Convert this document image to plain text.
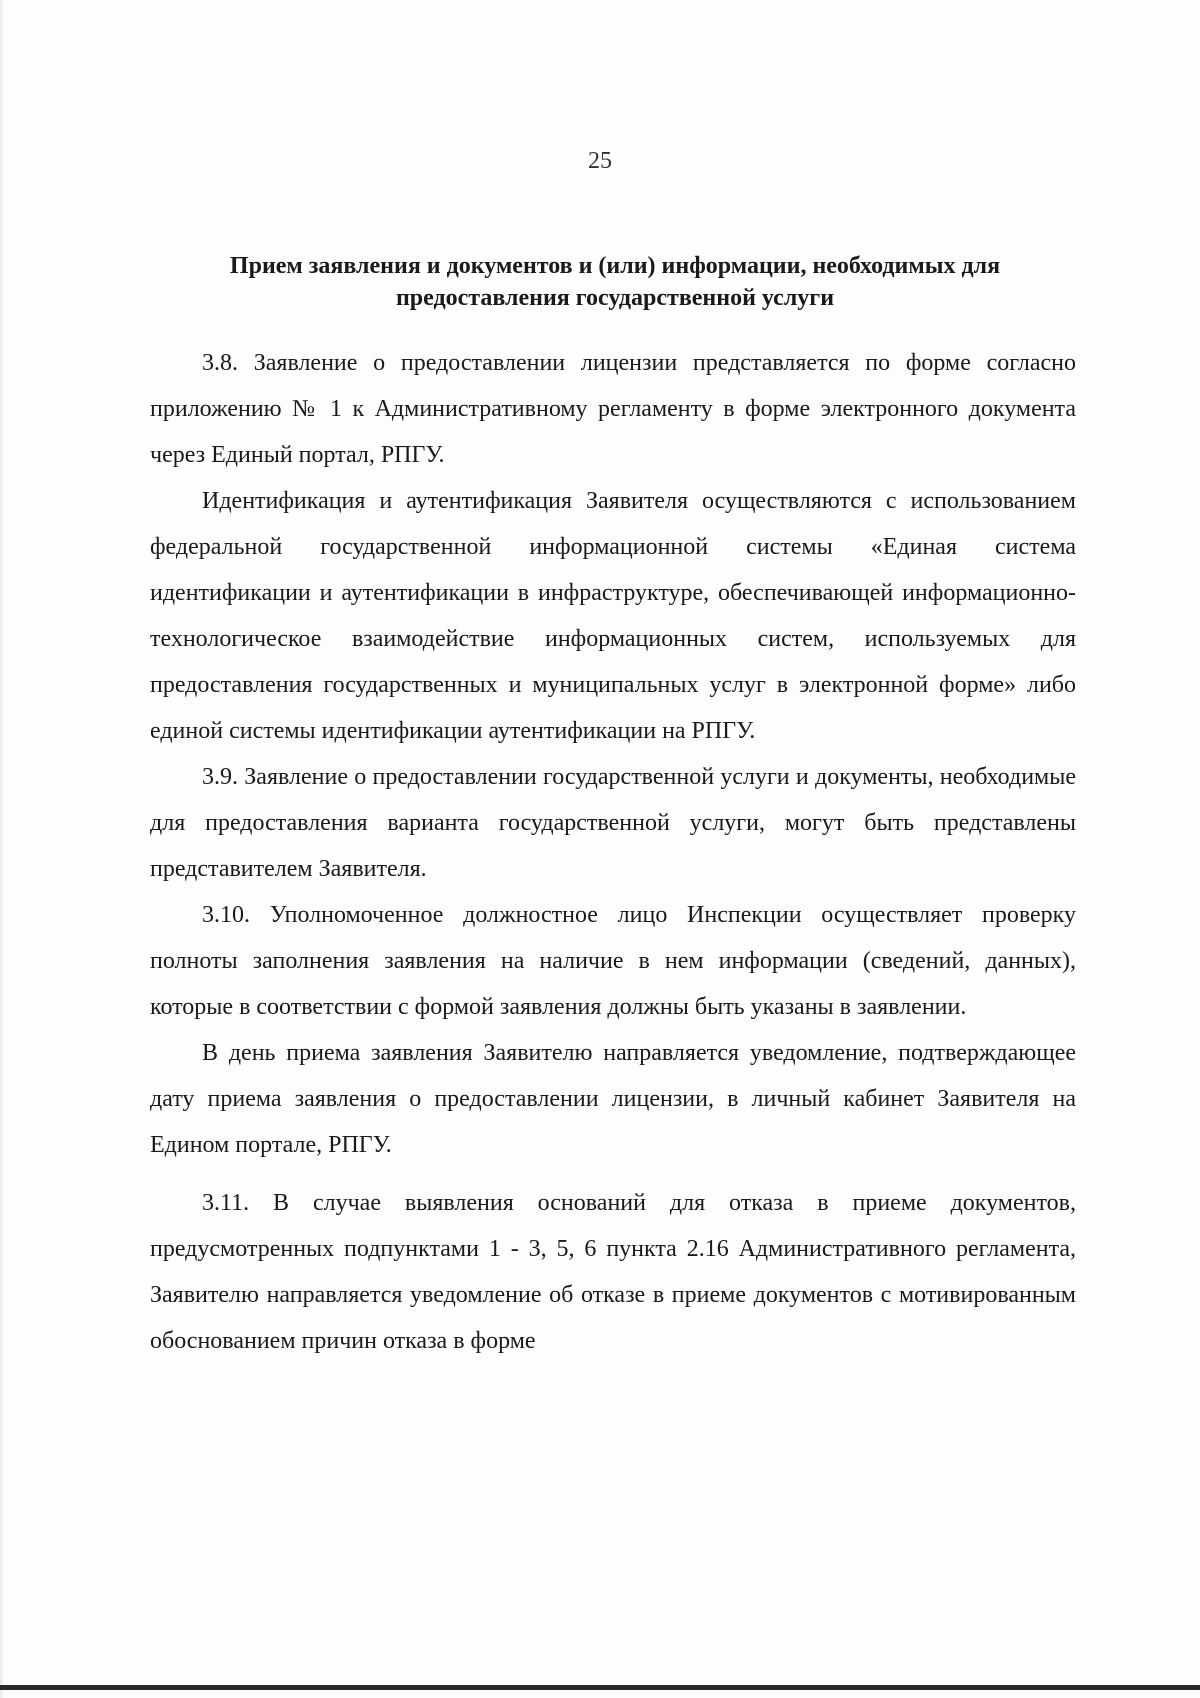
25
Прием заявления и документов и (или) информации, необходимых для предоставления государственной услуги

3.8. Заявление о предоставлении лицензии представляется по форме согласно приложению № 1 к Административному регламенту в форме электронного документа через Единый портал, РПГУ.

Идентификация и аутентификация Заявителя осуществляются с использованием федеральной государственной информационной системы «Единая система идентификации и аутентификации в инфраструктуре, обеспечивающей информационно-технологическое взаимодействие информационных систем, используемых для предоставления государственных и муниципальных услуг в электронной форме» либо единой системы идентификации аутентификации на РПГУ.

3.9. Заявление о предоставлении государственной услуги и документы, необходимые для предоставления варианта государственной услуги, могут быть представлены представителем Заявителя.

3.10. Уполномоченное должностное лицо Инспекции осуществляет проверку полноты заполнения заявления на наличие в нем информации (сведений, данных), которые в соответствии с формой заявления должны быть указаны в заявлении.

В день приема заявления Заявителю направляется уведомление, подтверждающее дату приема заявления о предоставлении лицензии, в личный кабинет Заявителя на Едином портале, РПГУ.

3.11. В случае выявления оснований для отказа в приеме документов, предусмотренных подпунктами 1 - 3, 5, 6 пункта 2.16 Административного регламента, Заявителю направляется уведомление об отказе в приеме документов с мотивированным обоснованием причин отказа в форме
